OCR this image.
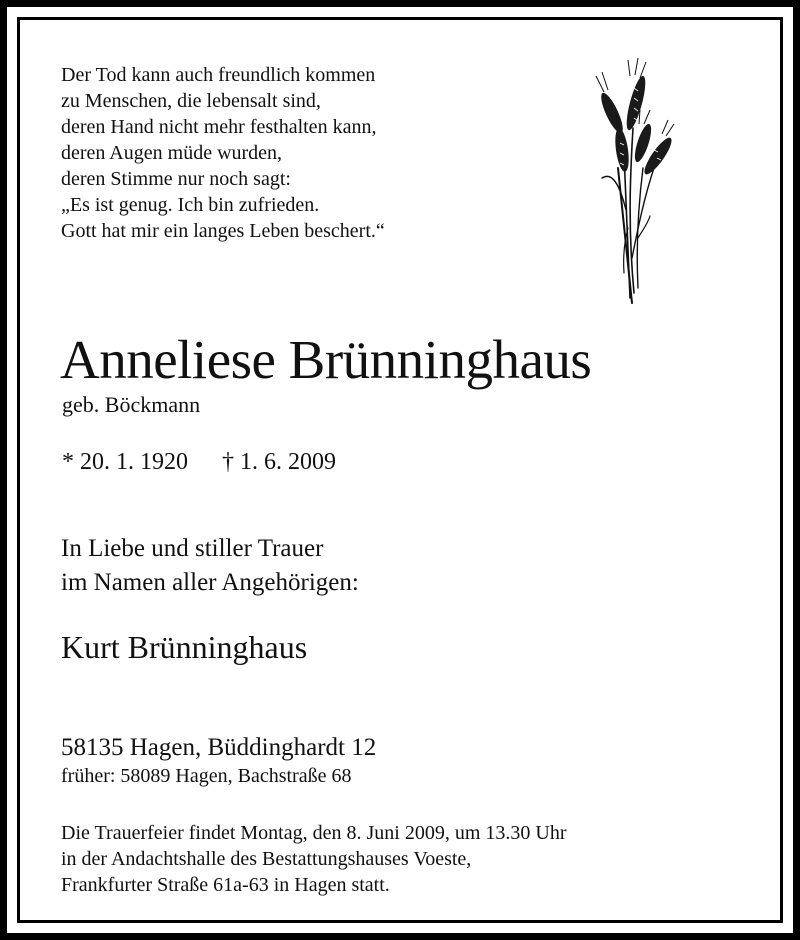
Der Tod kann auch freundlich kommen
zu Menschen, die lebensalt sind,
deren Hand nicht mehr festhalten kann,
deren Augen müde wurden,
deren Stimme nur noch sagt:
„Es ist genug. Ich bin zufrieden.
Gott hat mir ein langes Leben beschert.“
Anneliese Brünninghaus
geb. Böckmann
* 20. 1. 1920 † 1. 6. 2009
In Liebe und stiller Trauer
im Namen aller Angehörigen:
Kurt Brünninghaus
58135 Hagen, Büddinghardt 12
früher: 58089 Hagen, Bachstraße 68
Die Trauerfeier findet Montag, den 8. Juni 2009, um 13.30 Uhr
in der Andachtshalle des Bestattungshauses Voeste,
Frankfurter Straße 61a-63 in Hagen statt.
